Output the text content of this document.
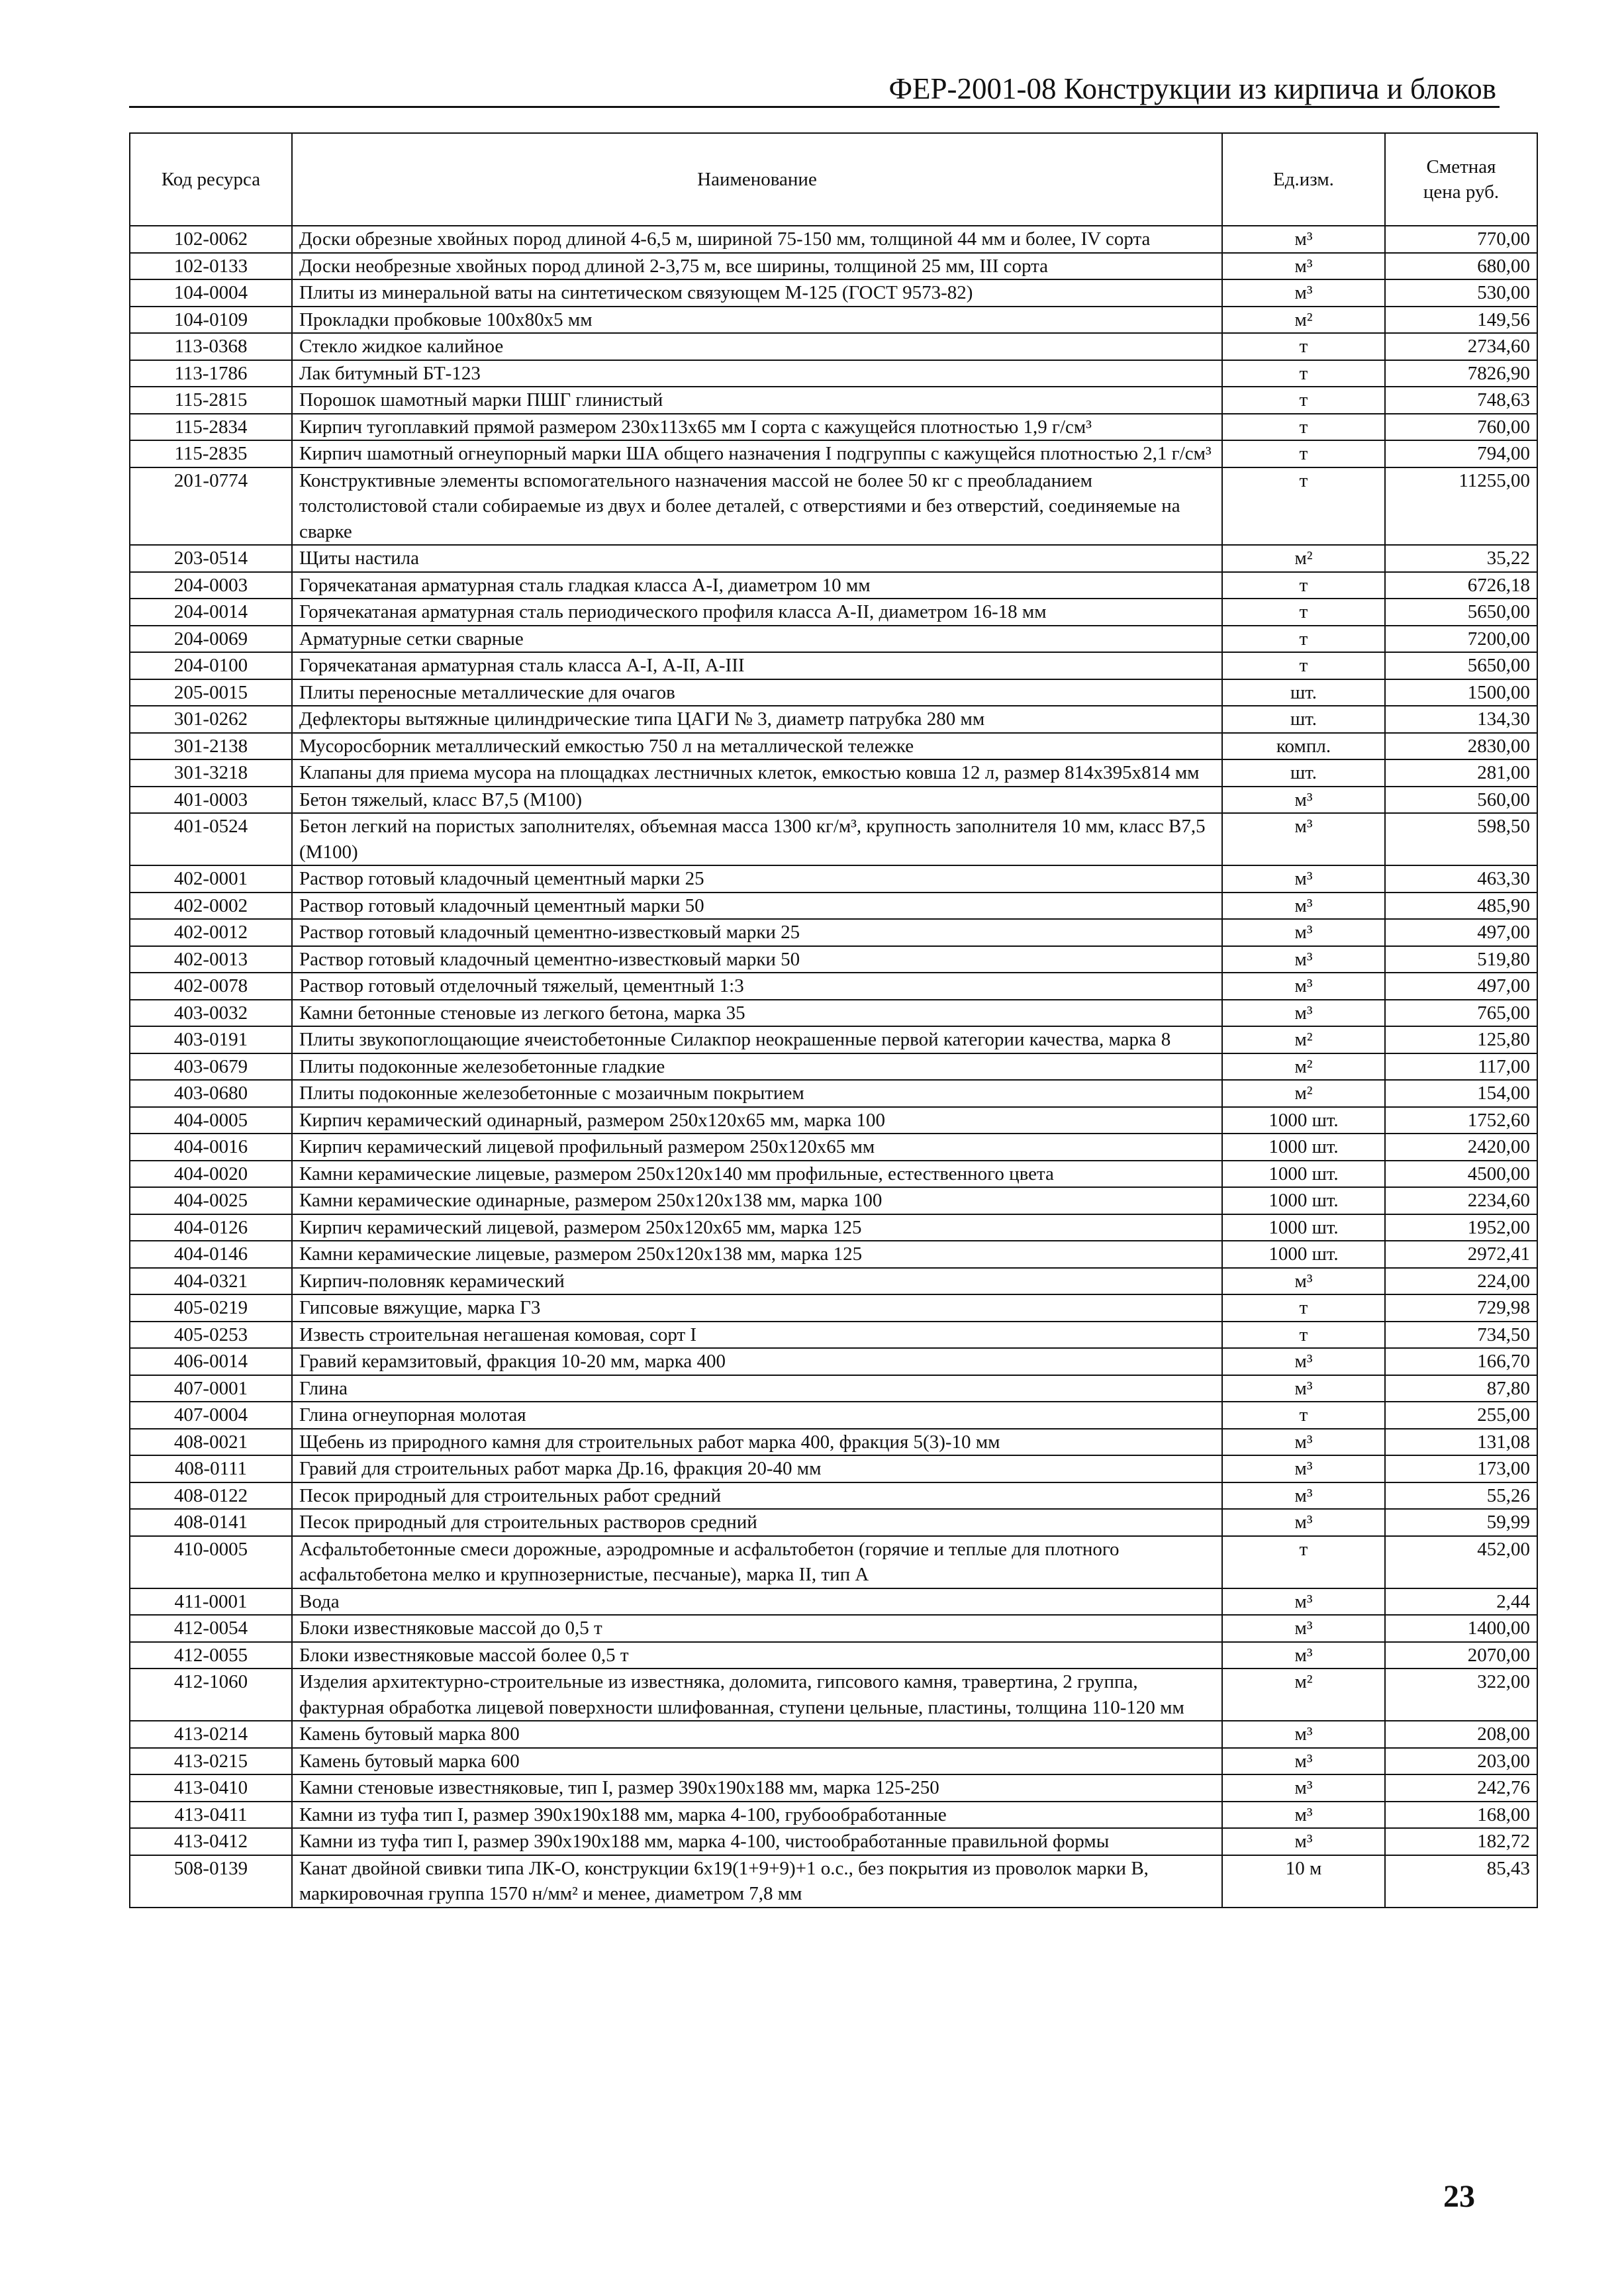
ФЕР-2001-08 Конструкции из кирпича и блоков
Код ресурса	Наименование	Ед.изм.	Сметная цена руб.
102-0062	Доски обрезные хвойных пород длиной 4-6,5 м, шириной 75-150 мм, толщиной 44 мм и более, IV сорта	м³	770,00
102-0133	Доски необрезные хвойных пород длиной 2-3,75 м, все ширины, толщиной 25 мм, III сорта	м³	680,00
104-0004	Плиты из минеральной ваты на синтетическом связующем М-125 (ГОСТ 9573-82)	м³	530,00
104-0109	Прокладки пробковые 100x80x5 мм	м²	149,56
113-0368	Стекло жидкое калийное	т	2734,60
113-1786	Лак битумный БТ-123	т	7826,90
115-2815	Порошок шамотный марки ПШГ глинистый	т	748,63
115-2834	Кирпич тугоплавкий прямой размером 230x113x65 мм I сорта с кажущейся плотностью 1,9 г/см³	т	760,00
115-2835	Кирпич шамотный огнеупорный марки ША общего назначения I подгруппы с кажущейся плотностью 2,1 г/см³	т	794,00
201-0774	Конструктивные элементы вспомогательного назначения массой не более 50 кг с преобладанием толстолистовой стали собираемые из двух и более деталей, с отверстиями и без отверстий, соединяемые на сварке	т	11255,00
203-0514	Щиты настила	м²	35,22
204-0003	Горячекатаная арматурная сталь гладкая класса А-I, диаметром 10 мм	т	6726,18
204-0014	Горячекатаная арматурная сталь периодического профиля класса А-II, диаметром 16-18 мм	т	5650,00
204-0069	Арматурные сетки сварные	т	7200,00
204-0100	Горячекатаная арматурная сталь класса А-I, А-II, А-III	т	5650,00
205-0015	Плиты переносные металлические для очагов	шт.	1500,00
301-0262	Дефлекторы вытяжные цилиндрические типа ЦАГИ № 3, диаметр патрубка 280 мм	шт.	134,30
301-2138	Мусоросборник металлический емкостью 750 л на металлической тележке	компл.	2830,00
301-3218	Клапаны для приема мусора на площадках лестничных клеток, емкостью ковша 12 л, размер 814x395x814 мм	шт.	281,00
401-0003	Бетон тяжелый, класс В7,5 (М100)	м³	560,00
401-0524	Бетон легкий на пористых заполнителях, объемная масса 1300 кг/м³, крупность заполнителя 10 мм, класс В7,5 (М100)	м³	598,50
402-0001	Раствор готовый кладочный цементный марки 25	м³	463,30
402-0002	Раствор готовый кладочный цементный марки 50	м³	485,90
402-0012	Раствор готовый кладочный цементно-известковый марки 25	м³	497,00
402-0013	Раствор готовый кладочный цементно-известковый марки 50	м³	519,80
402-0078	Раствор готовый отделочный тяжелый, цементный 1:3	м³	497,00
403-0032	Камни бетонные стеновые из легкого бетона, марка 35	м³	765,00
403-0191	Плиты звукопоглощающие ячеистобетонные Силакпор неокрашенные первой категории качества, марка 8	м²	125,80
403-0679	Плиты подоконные железобетонные гладкие	м²	117,00
403-0680	Плиты подоконные железобетонные с мозаичным покрытием	м²	154,00
404-0005	Кирпич керамический одинарный, размером 250x120x65 мм, марка 100	1000 шт.	1752,60
404-0016	Кирпич керамический лицевой профильный размером 250x120x65 мм	1000 шт.	2420,00
404-0020	Камни керамические лицевые, размером 250x120x140 мм профильные, естественного цвета	1000 шт.	4500,00
404-0025	Камни керамические одинарные, размером 250x120x138 мм, марка 100	1000 шт.	2234,60
404-0126	Кирпич керамический лицевой, размером 250x120x65 мм, марка 125	1000 шт.	1952,00
404-0146	Камни керамические лицевые, размером 250x120x138 мм, марка 125	1000 шт.	2972,41
404-0321	Кирпич-половняк керамический	м³	224,00
405-0219	Гипсовые вяжущие, марка Г3	т	729,98
405-0253	Известь строительная негашеная комовая, сорт I	т	734,50
406-0014	Гравий керамзитовый, фракция 10-20 мм, марка 400	м³	166,70
407-0001	Глина	м³	87,80
407-0004	Глина огнеупорная молотая	т	255,00
408-0021	Щебень из природного камня для строительных работ марка 400, фракция 5(3)-10 мм	м³	131,08
408-0111	Гравий для строительных работ марка Др.16, фракция 20-40 мм	м³	173,00
408-0122	Песок природный для строительных работ средний	м³	55,26
408-0141	Песок природный для строительных растворов средний	м³	59,99
410-0005	Асфальтобетонные смеси дорожные, аэродромные и асфальтобетон (горячие и теплые для плотного асфальтобетона мелко и крупнозернистые, песчаные), марка II, тип А	т	452,00
411-0001	Вода	м³	2,44
412-0054	Блоки известняковые массой до 0,5 т	м³	1400,00
412-0055	Блоки известняковые массой более 0,5 т	м³	2070,00
412-1060	Изделия архитектурно-строительные из известняка, доломита, гипсового камня, травертина, 2 группа, фактурная обработка лицевой поверхности шлифованная, ступени цельные, пластины, толщина 110-120 мм	м²	322,00
413-0214	Камень бутовый марка 800	м³	208,00
413-0215	Камень бутовый марка 600	м³	203,00
413-0410	Камни стеновые известняковые, тип I, размер 390x190x188 мм, марка 125-250	м³	242,76
413-0411	Камни из туфа тип I, размер 390x190x188 мм, марка 4-100, грубообработанные	м³	168,00
413-0412	Камни из туфа тип I, размер 390x190x188 мм, марка 4-100, чистообработанные правильной формы	м³	182,72
508-0139	Канат двойной свивки типа ЛК-О, конструкции 6x19(1+9+9)+1 о.с., без покрытия из проволок марки В, маркировочная группа 1570 н/мм² и менее, диаметром 7,8 мм	10 м	85,43
23
